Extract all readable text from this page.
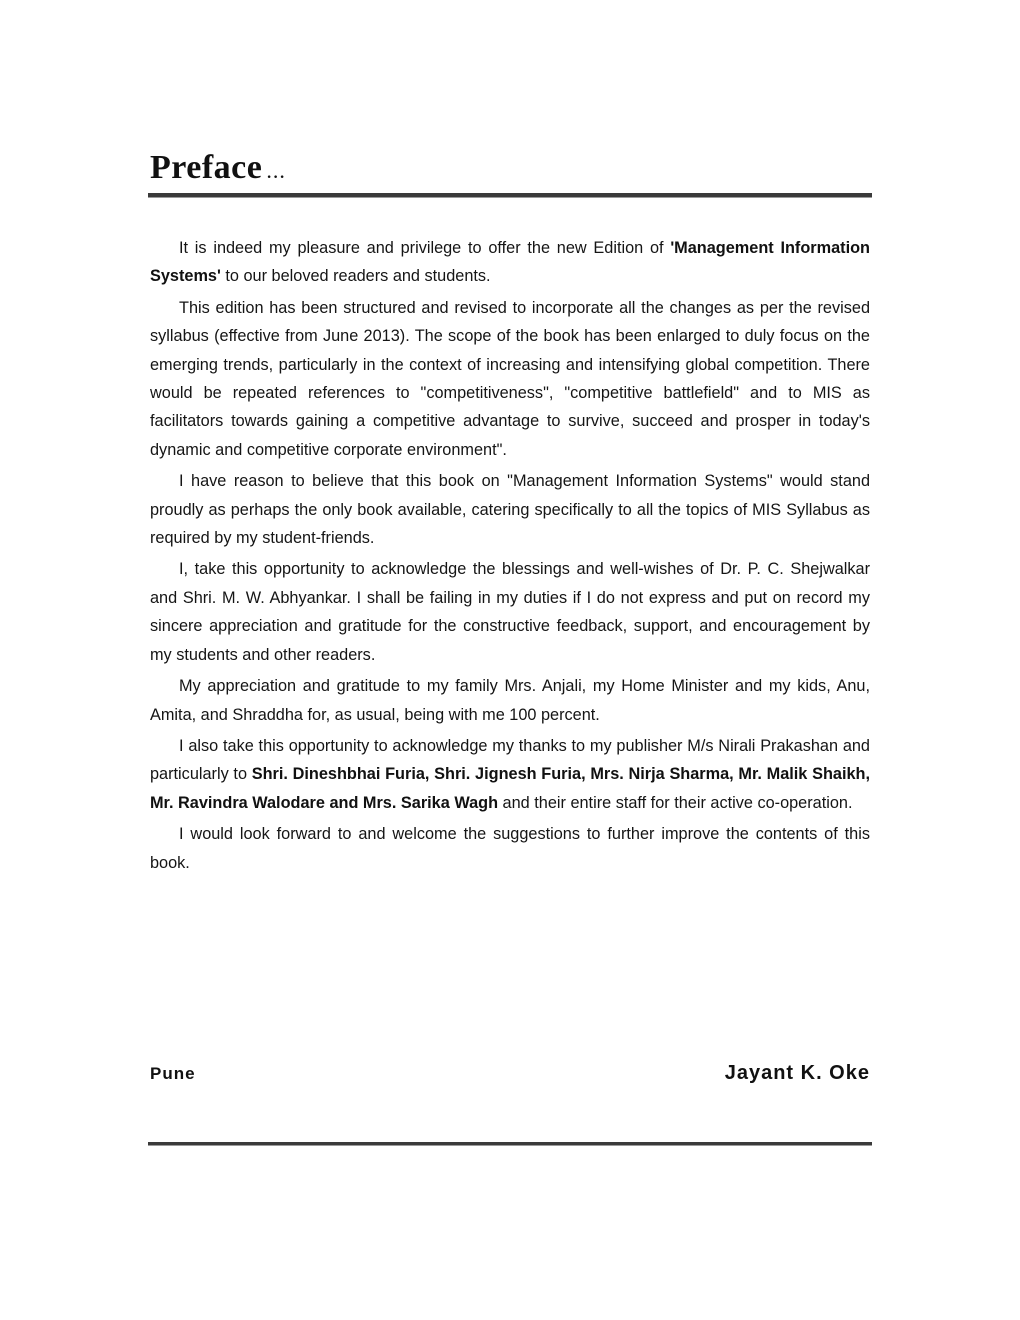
Preface ...

It is indeed my pleasure and privilege to offer the new Edition of 'Management Information Systems' to our beloved readers and students.

This edition has been structured and revised to incorporate all the changes as per the revised syllabus (effective from June 2013). The scope of the book has been enlarged to duly focus on the emerging trends, particularly in the context of increasing and intensifying global competition. There would be repeated references to "competitiveness", "competitive battlefield" and to MIS as facilitators towards gaining a competitive advantage to survive, succeed and prosper in today's dynamic and competitive corporate environment".

I have reason to believe that this book on "Management Information Systems" would stand proudly as perhaps the only book available, catering specifically to all the topics of MIS Syllabus as required by my student-friends.

I, take this opportunity to acknowledge the blessings and well-wishes of Dr. P. C. Shejwalkar and Shri. M. W. Abhyankar. I shall be failing in my duties if I do not express and put on record my sincere appreciation and gratitude for the constructive feedback, support, and encouragement by my students and other readers.

My appreciation and gratitude to my family Mrs. Anjali, my Home Minister and my kids, Anu, Amita, and Shraddha for, as usual, being with me 100 percent.

I also take this opportunity to acknowledge my thanks to my publisher M/s Nirali Prakashan and particularly to Shri. Dineshbhai Furia, Shri. Jignesh Furia, Mrs. Nirja Sharma, Mr. Malik Shaikh, Mr. Ravindra Walodare and Mrs. Sarika Wagh and their entire staff for their active co-operation.

I would look forward to and welcome the suggestions to further improve the contents of this book.

Pune	Jayant K. Oke
